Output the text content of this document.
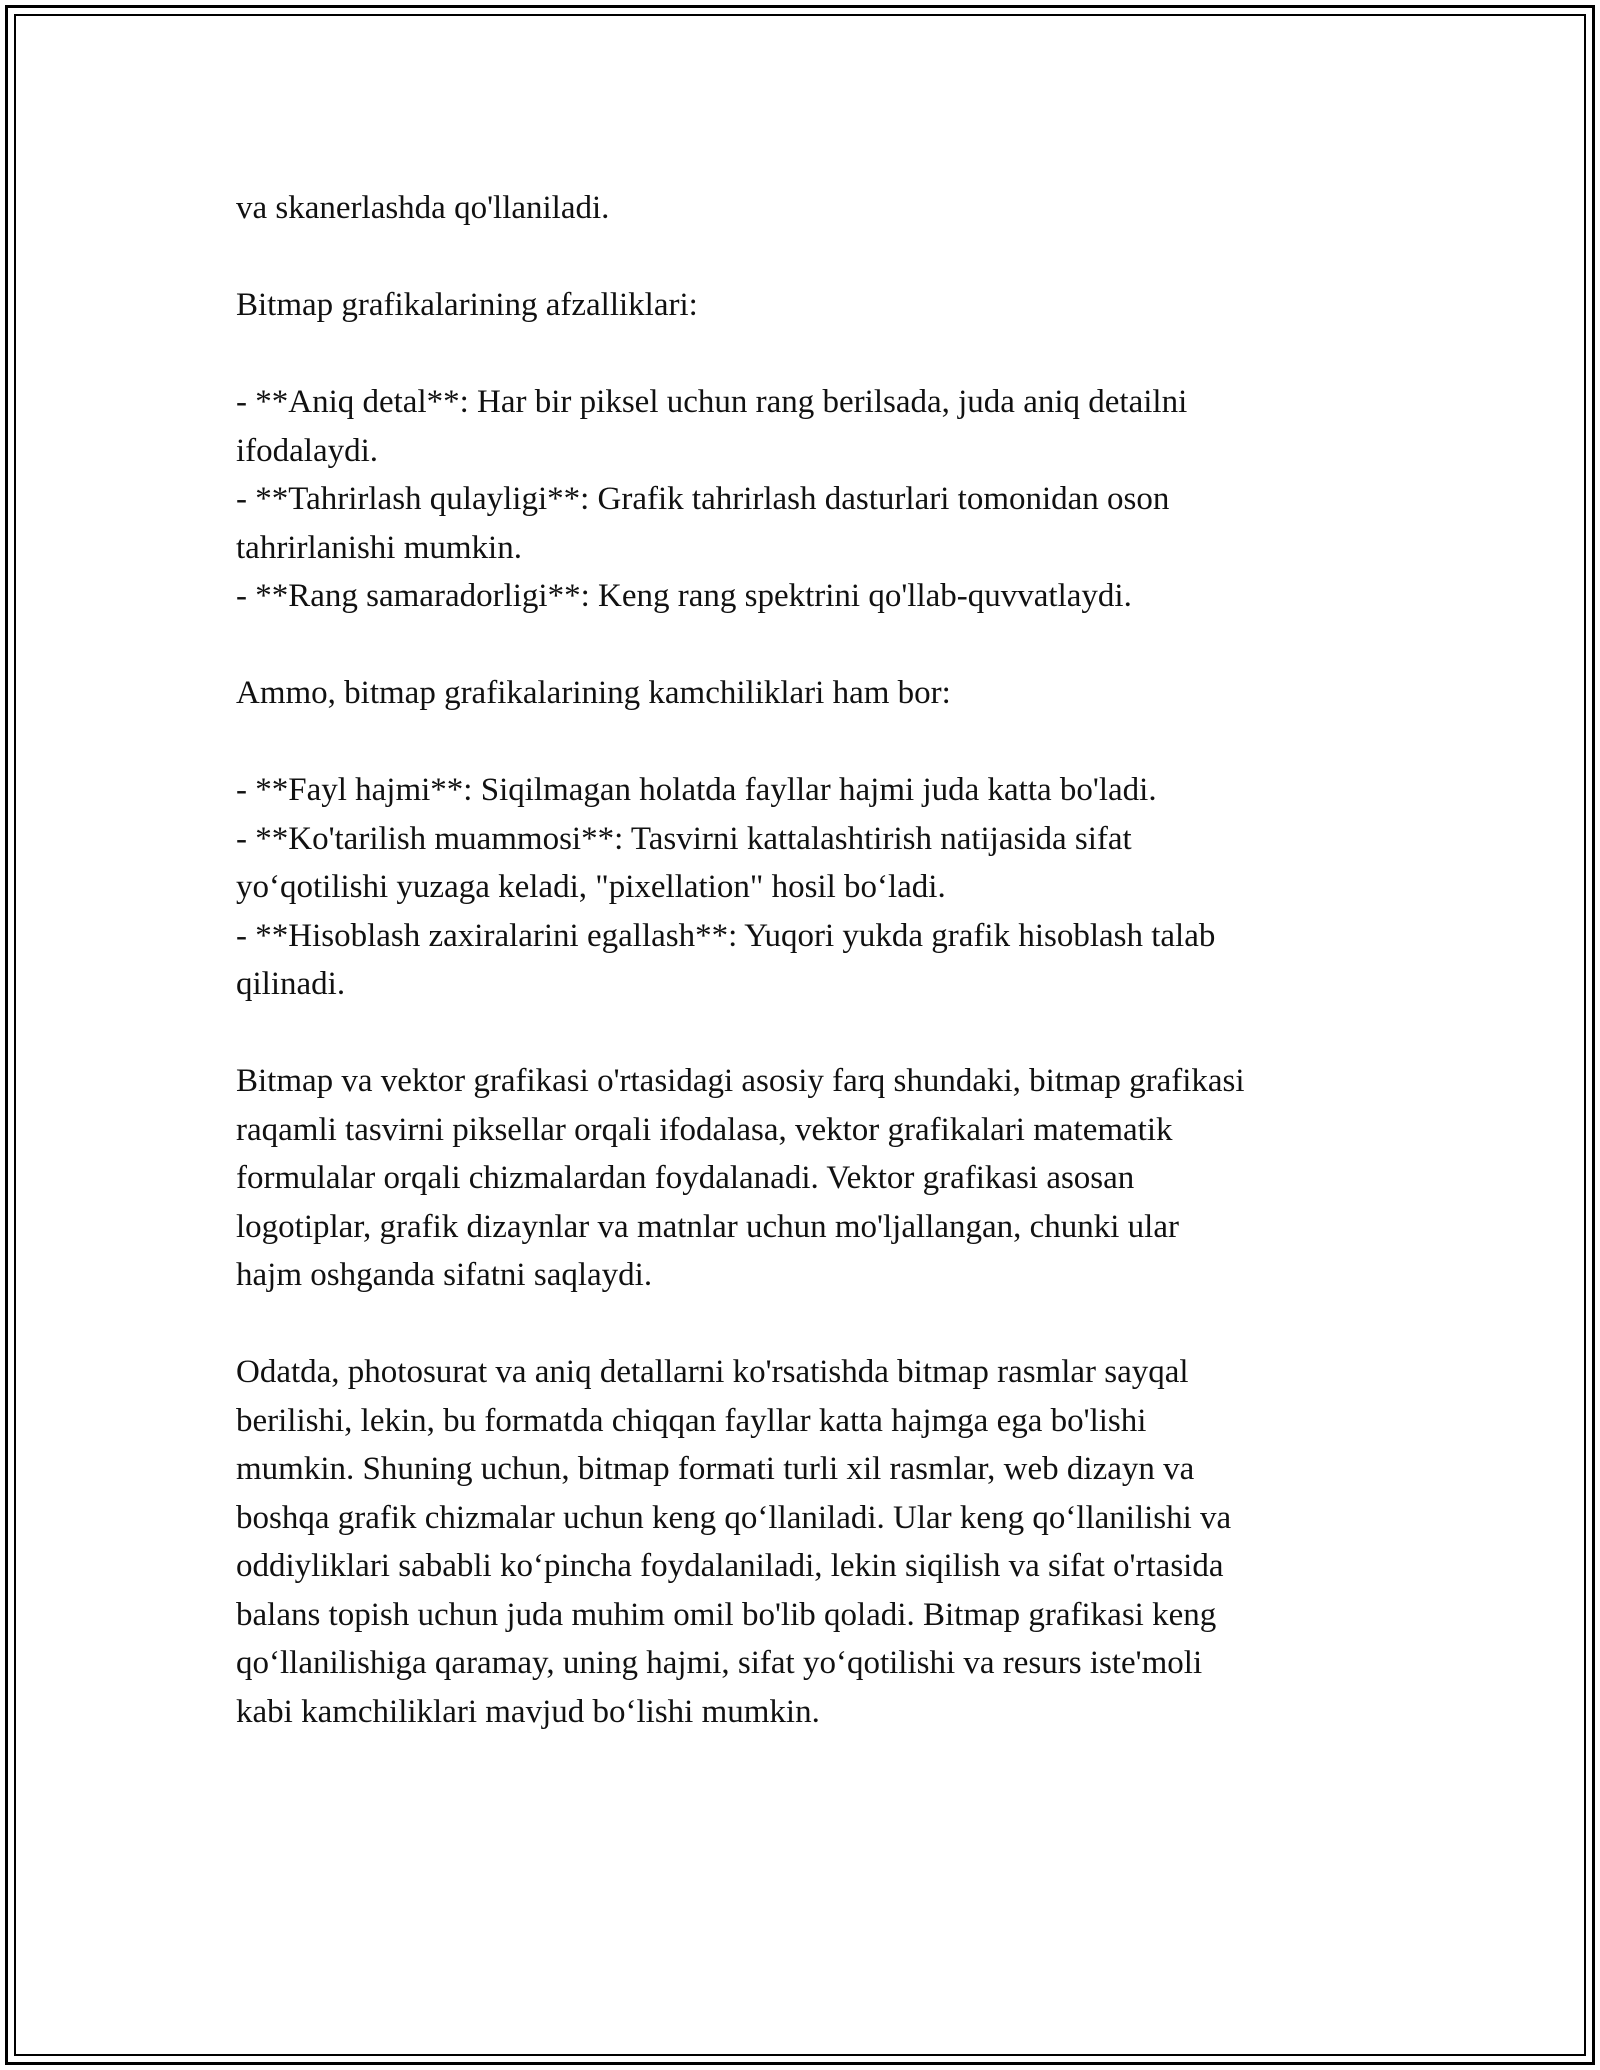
va skanerlashda qo'llaniladi.

Bitmap grafikalarining afzalliklari:

- **Aniq detal**: Har bir piksel uchun rang berilsada, juda aniq detailni

ifodalaydi.

- **Tahrirlash qulayligi**: Grafik tahrirlash dasturlari tomonidan oson

tahrirlanishi mumkin.

- **Rang samaradorligi**: Keng rang spektrini qo'llab-quvvatlaydi.

Ammo, bitmap grafikalarining kamchiliklari ham bor:

- **Fayl hajmi**: Siqilmagan holatda fayllar hajmi juda katta bo'ladi.

- **Ko'tarilish muammosi**: Tasvirni kattalashtirish natijasida sifat

yo‘qotilishi yuzaga keladi, "pixellation" hosil bo‘ladi.

- **Hisoblash zaxiralarini egallash**: Yuqori yukda grafik hisoblash talab

qilinadi.

Bitmap va vektor grafikasi o'rtasidagi asosiy farq shundaki, bitmap grafikasi

raqamli tasvirni piksellar orqali ifodalasa, vektor grafikalari matematik

formulalar orqali chizmalardan foydalanadi. Vektor grafikasi asosan

logotiplar, grafik dizaynlar va matnlar uchun mo'ljallangan, chunki ular

hajm oshganda sifatni saqlaydi.

Odatda, photosurat va aniq detallarni ko'rsatishda bitmap rasmlar sayqal

berilishi, lekin, bu formatda chiqqan fayllar katta hajmga ega bo'lishi

mumkin. Shuning uchun, bitmap formati turli xil rasmlar, web dizayn va

boshqa grafik chizmalar uchun keng qo‘llaniladi. Ular keng qo‘llanilishi va

oddiyliklari sababli ko‘pincha foydalaniladi, lekin siqilish va sifat o'rtasida

balans topish uchun juda muhim omil bo'lib qoladi. Bitmap grafikasi keng

qo‘llanilishiga qaramay, uning hajmi, sifat yo‘qotilishi va resurs iste'moli

kabi kamchiliklari mavjud bo‘lishi mumkin.
